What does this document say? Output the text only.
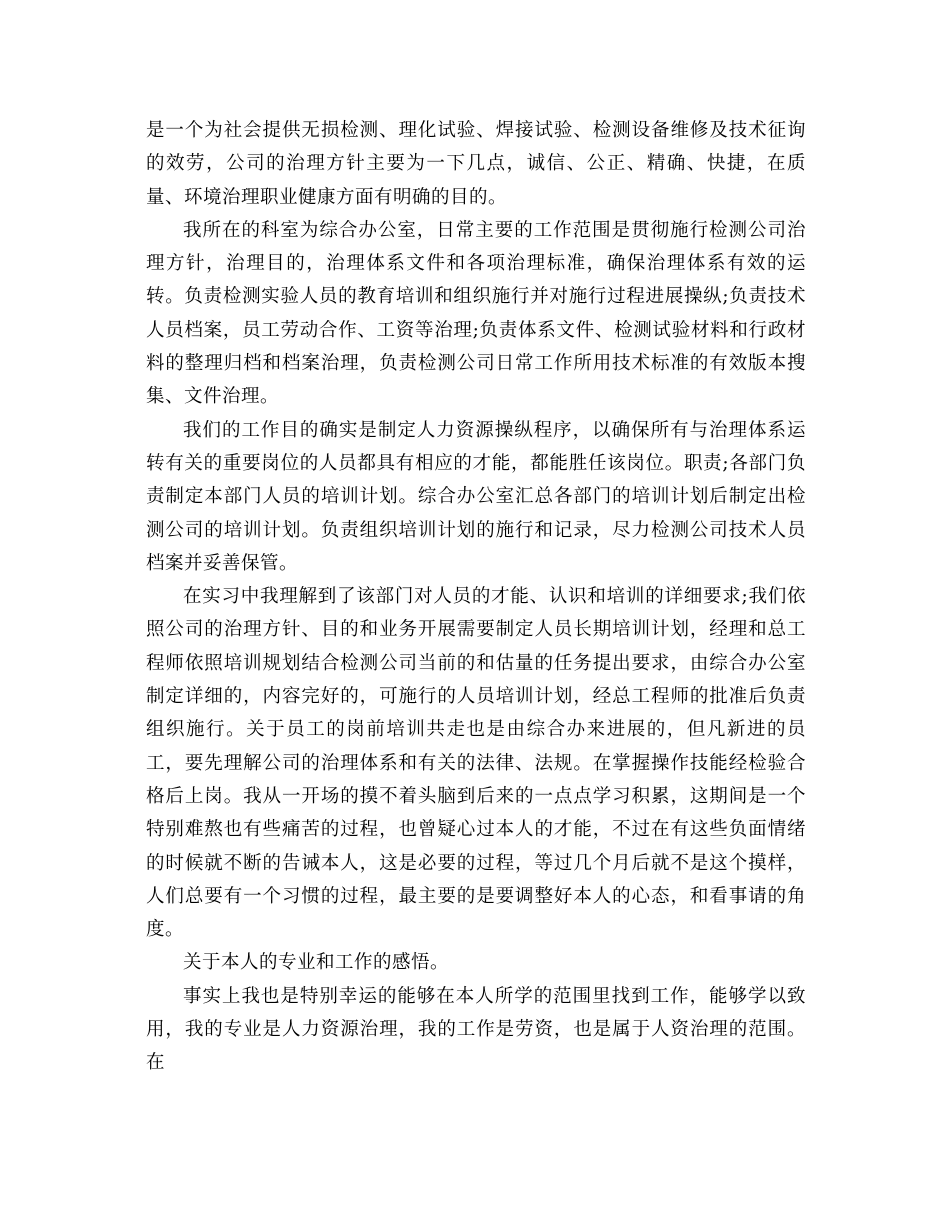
是一个为社会提供无损检测、理化试验、焊接试验、检测设备维修及技术征询的效劳，公司的治理方针主要为一下几点，诚信、公正、精确、快捷，在质量、环境治理职业健康方面有明确的目的。

我所在的科室为综合办公室，日常主要的工作范围是贯彻施行检测公司治理方针，治理目的，治理体系文件和各项治理标准，确保治理体系有效的运转。负责检测实验人员的教育培训和组织施行并对施行过程进展操纵;负责技术人员档案，员工劳动合作、工资等治理;负责体系文件、检测试验材料和行政材料的整理归档和档案治理，负责检测公司日常工作所用技术标准的有效版本搜集、文件治理。

我们的工作目的确实是制定人力资源操纵程序，以确保所有与治理体系运转有关的重要岗位的人员都具有相应的才能，都能胜任该岗位。职责;各部门负责制定本部门人员的培训计划。综合办公室汇总各部门的培训计划后制定出检测公司的培训计划。负责组织培训计划的施行和记录，尽力检测公司技术人员档案并妥善保管。

在实习中我理解到了该部门对人员的才能、认识和培训的详细要求;我们依照公司的治理方针、目的和业务开展需要制定人员长期培训计划，经理和总工程师依照培训规划结合检测公司当前的和估量的任务提出要求，由综合办公室制定详细的，内容完好的，可施行的人员培训计划，经总工程师的批准后负责组织施行。关于员工的岗前培训共走也是由综合办来进展的，但凡新进的员工，要先理解公司的治理体系和有关的法律、法规。在掌握操作技能经检验合格后上岗。我从一开场的摸不着头脑到后来的一点点学习积累，这期间是一个特别难熬也有些痛苦的过程，也曾疑心过本人的才能，不过在有这些负面情绪的时候就不断的告诫本人，这是必要的过程，等过几个月后就不是这个摸样，人们总要有一个习惯的过程，最主要的是要调整好本人的心态，和看事请的角度。

关于本人的专业和工作的感悟。

事实上我也是特别幸运的能够在本人所学的范围里找到工作，能够学以致用，我的专业是人力资源治理，我的工作是劳资，也是属于人资治理的范围。在
